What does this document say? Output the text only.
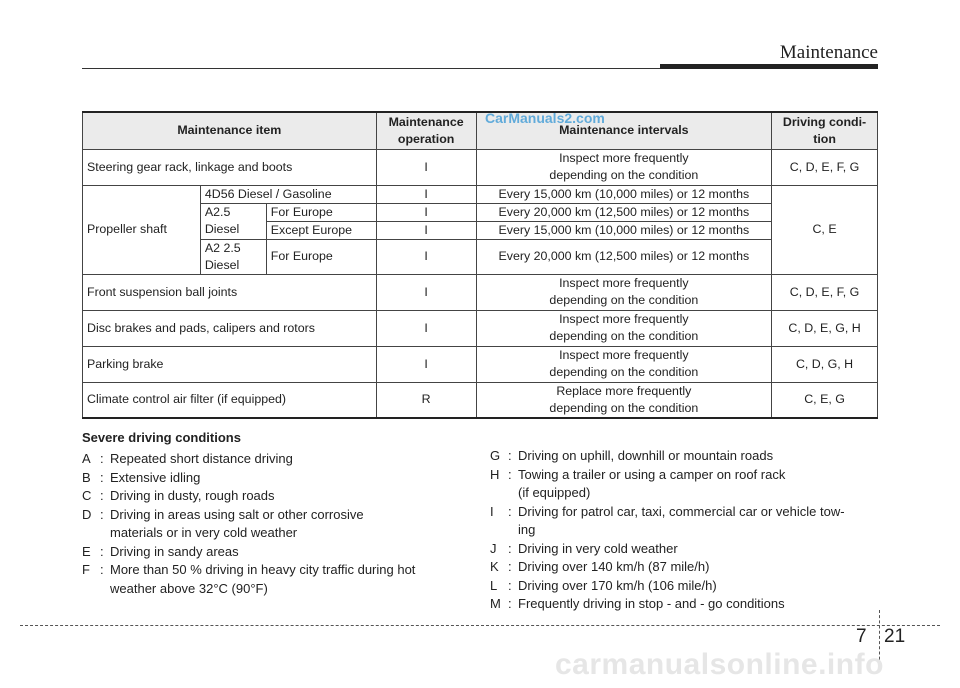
Maintenance
Maintenance item			Maintenance
operation	Maintenance intervals	Driving condi-
tion
Steering gear rack, linkage and boots			I	Inspect more frequently
depending on the condition	C, D, E, F, G
Propeller shaft	4D56 Diesel / Gasoline		I	Every 15,000 km (10,000 miles) or 12 months	C, E
	A2.5
Diesel	For Europe	I	Every 20,000 km (12,500 miles) or 12 months	
		Except Europe	I	Every 15,000 km (10,000 miles) or 12 months	
	A2 2.5
Diesel	For Europe	I	Every 20,000 km (12,500 miles) or 12 months	
Front suspension ball joints			I	Inspect more frequently
depending on the condition	C, D, E, F, G
Disc brakes and pads, calipers and rotors			I	Inspect more frequently
depending on the condition	C, D, E, G, H
Parking brake			I	Inspect more frequently
depending on the condition	C, D, G, H
Climate control air filter (if equipped)			R	Replace more frequently
depending on the condition	C, E, G
CarManuals2.com
Severe driving conditions
A : Repeated short distance driving
B : Extensive idling
C : Driving in dusty, rough roads
D : Driving in areas using salt or other corrosive
materials or in very cold weather
E : Driving in sandy areas
F : More than 50 % driving in heavy city traffic during hot
weather above 32°C (90°F)
G : Driving on uphill, downhill or mountain roads
H : Towing a trailer or using a camper on roof rack
(if equipped)
I	: Driving for patrol car, taxi, commercial car or vehicle tow-
ing
J : Driving in very cold weather
K : Driving over 140 km/h (87 mile/h)
L : Driving over 170 km/h (106 mile/h)
M : Frequently driving in stop - and - go conditions
7 21
carmanualsonline.info
